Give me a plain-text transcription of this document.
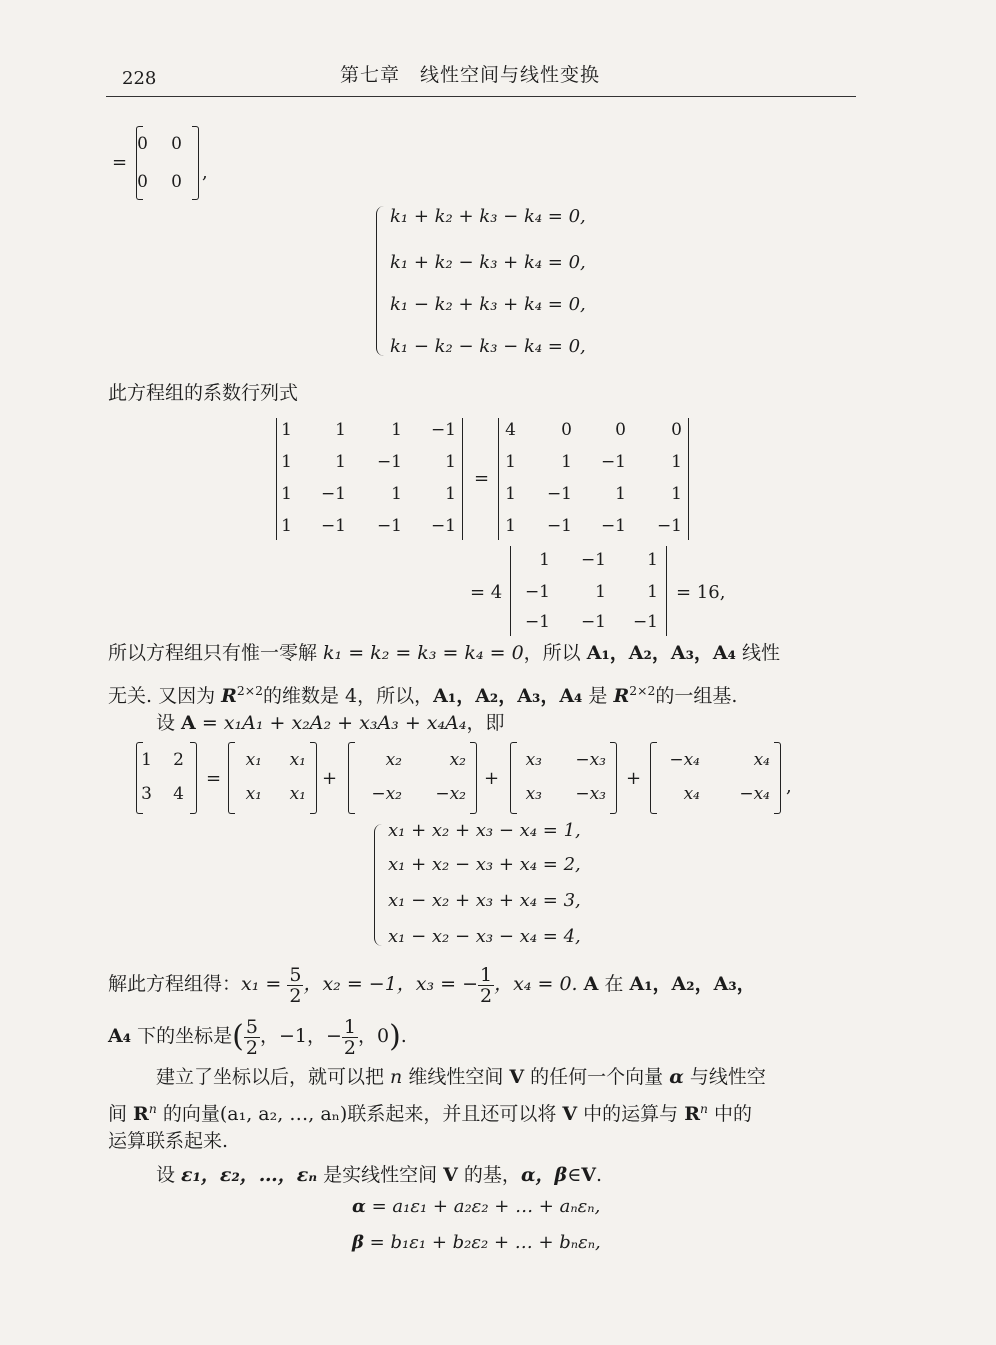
228	第七章　线性空间与线性变换
=
0	0
0	0 ,
k₁ + k₂ + k₃ − k₄ = 0,
k₁ + k₂ − k₃ + k₄ = 0,
k₁ − k₂ + k₃ + k₄ = 0,
k₁ − k₂ − k₃ − k₄ = 0,
此方程组的系数行列式
1	1	1	−1
1	1	−1	1
1	−1	1	1
1	−1	−1	−1
=
4	0	0	0
1	1	−1	1
1	−1	1	1
1	−1	−1	−1
= 4
1	−1	1
−1	1	1
−1	−1	−1
= 16,
所以方程组只有惟一零解 k₁ = k₂ = k₃ = k₄ = 0，所以 A₁，A₂，A₃，A₄ 线性
无关. 又因为 $R^{2\times 2}$的维数是 4，所以，A₁，A₂，A₃，A₄ 是 $R^{2\times 2}$的一组基.
设 A = x₁A₁ + x₂A₂ + x₃A₃ + x₄A₄，即
1	2
3	4
=
x₁	x₁
x₁	x₁
+
x₂	x₂
−x₂	−x₂
+
x₃	−x₃
x₃	−x₃
+
−x₄	x₄
x₄	−x₄ ,
x₁ + x₂ + x₃ − x₄ = 1,
x₁ + x₂ − x₃ + x₄ = 2,
x₁ − x₂ + x₃ + x₄ = 3,
x₁ − x₂ − x₃ − x₄ = 4,
解此方程组得：$x_1 = \frac{5}{2}$ ，x₂ = −1，x₃ = − $\frac{1}{2}$ ，x₄ = 0. A 在 A₁，A₂，A₃，
A₄ 下的坐标是( $\frac{5}{2}$ ，−1，− $\frac{1}{2}$ ，0).
建立了坐标以后，就可以把 n 维线性空间 V 的任何一个向量 α 与线性空
间 $R^n$ 的向量(a₁, a₂, …, aₙ)联系起来，并且还可以将 V 中的运算与 $R^n$ 中的
运算联系起来.
设 ε₁，ε₂，…，εₙ 是实线性空间 V 的基，α，β∈V.
α = a₁ε₁ + a₂ε₂ + … + aₙεₙ,
β = b₁ε₁ + b₂ε₂ + … + bₙεₙ,
